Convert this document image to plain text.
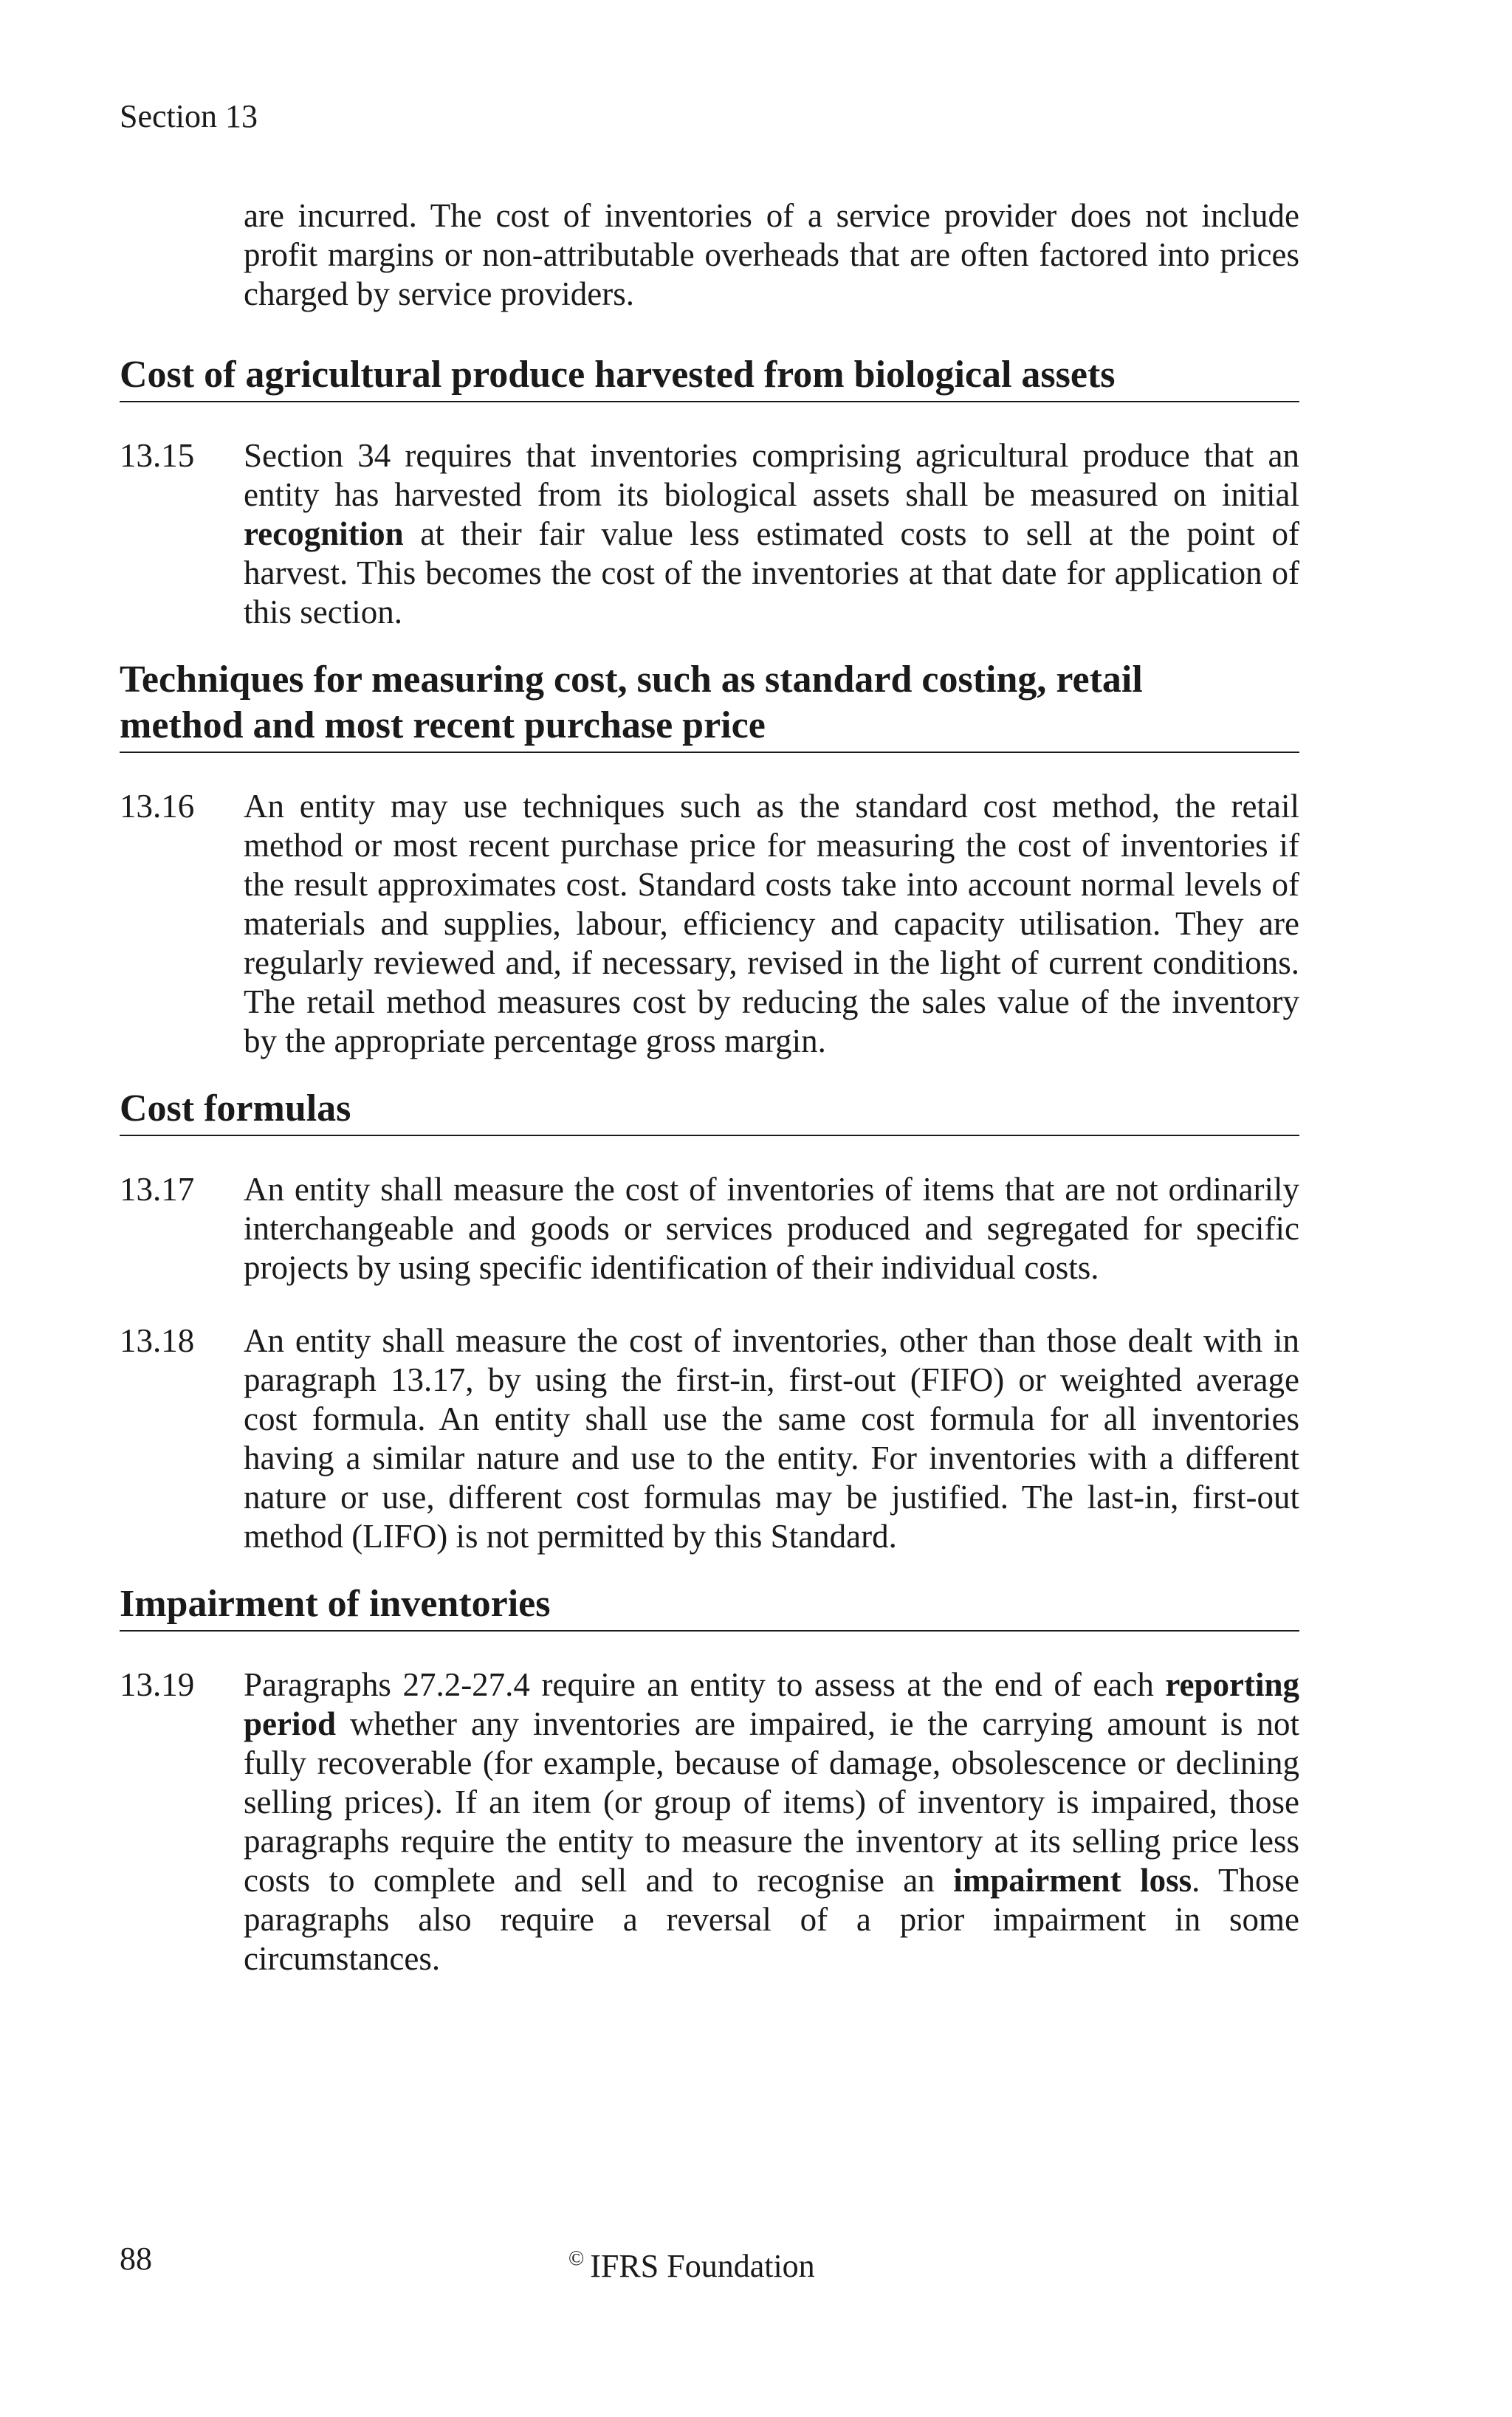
Section 13

are incurred. The cost of inventories of a service provider does not include profit margins or non-attributable overheads that are often factored into prices charged by service providers.

Cost of agricultural produce harvested from biological assets
13.15	Section 34 requires that inventories comprising agricultural produce that an entity has harvested from its biological assets shall be measured on initial recognition at their fair value less estimated costs to sell at the point of harvest. This becomes the cost of the inventories at that date for application of this section.
Techniques for measuring cost, such as standard costing, retail
method and most recent purchase price
13.16	An entity may use techniques such as the standard cost method, the retail method or most recent purchase price for measuring the cost of inventories if the result approximates cost. Standard costs take into account normal levels of materials and supplies, labour, efficiency and capacity utilisation. They are regularly reviewed and, if necessary, revised in the light of current conditions. The retail method measures cost by reducing the sales value of the inventory by the appropriate percentage gross margin.
Cost formulas
13.17	An entity shall measure the cost of inventories of items that are not ordinarily interchangeable and goods or services produced and segregated for specific projects by using specific identification of their individual costs.
13.18	An entity shall measure the cost of inventories, other than those dealt with in paragraph 13.17, by using the first-in, first-out (FIFO) or weighted average cost formula. An entity shall use the same cost formula for all inventories having a similar nature and use to the entity. For inventories with a different nature or use, different cost formulas may be justified. The last-in, first-out method (LIFO) is not permitted by this Standard.
Impairment of inventories
13.19	Paragraphs 27.2-27.4 require an entity to assess at the end of each reporting period whether any inventories are impaired, ie the carrying amount is not fully recoverable (for example, because of damage, obsolescence or declining selling prices). If an item (or group of items) of inventory is impaired, those paragraphs require the entity to measure the inventory at its selling price less costs to complete and sell and to recognise an impairment loss. Those paragraphs also require a reversal of a prior impairment in some circumstances.
88	© IFRS Foundation
